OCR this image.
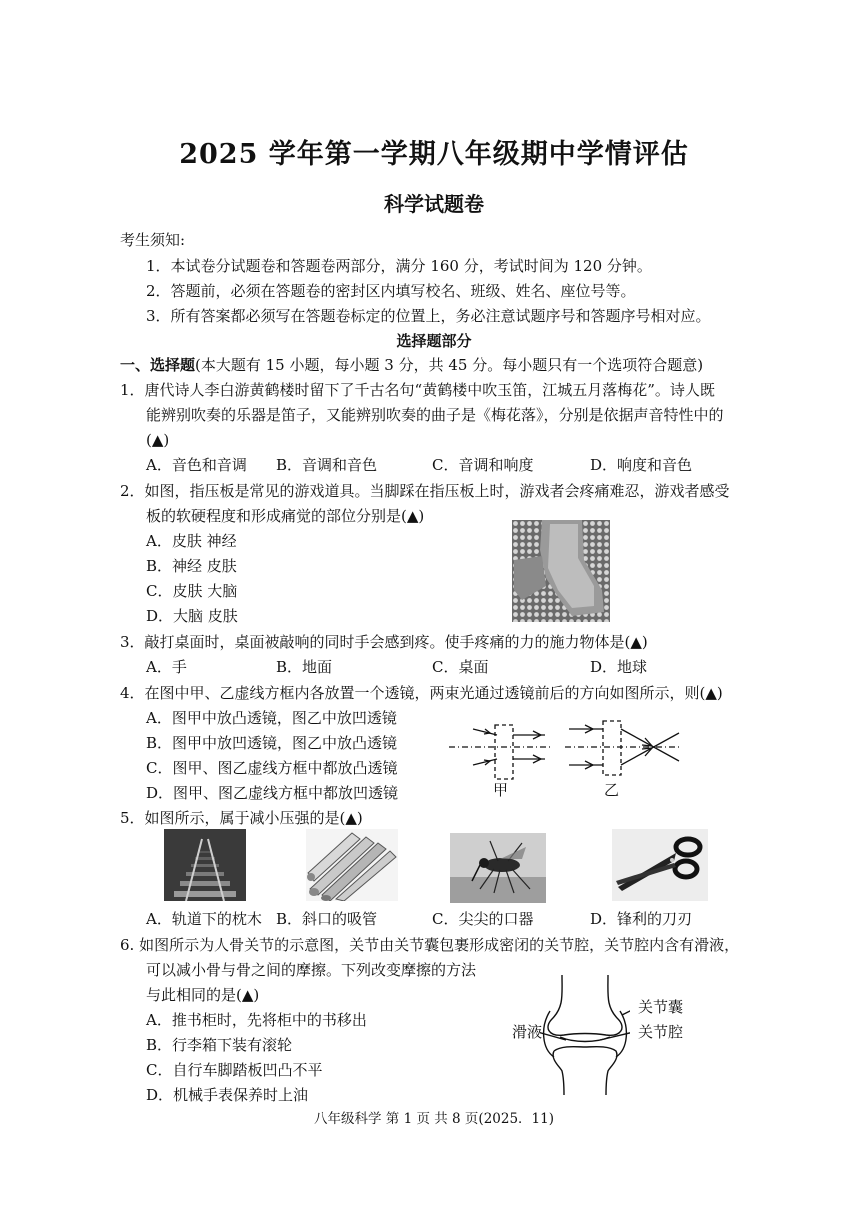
2025 学年第一学期八年级期中学情评估
科学试题卷
考生须知:
1．本试卷分试题卷和答题卷两部分，满分 160 分，考试时间为 120 分钟。
2．答题前，必须在答题卷的密封区内填写校名、班级、姓名、座位号等。
3．所有答案都必须写在答题卷标定的位置上，务必注意试题序号和答题序号相对应。
选择题部分
一、选择题(本大题有 15 小题，每小题 3 分，共 45 分。每小题只有一个选项符合题意)
1．唐代诗人李白游黄鹤楼时留下了千古名句“黄鹤楼中吹玉笛，江城五月落梅花”。诗人既
能辨别吹奏的乐器是笛子，又能辨别吹奏的曲子是《梅花落》，分别是依据声音特性中的
(▲)
A．音色和音调 B．音调和音色	C．音调和响度	D．响度和音色
2．如图，指压板是常见的游戏道具。当脚踩在指压板上时，游戏者会疼痛难忍，游戏者感受
板的软硬程度和形成痛觉的部位分别是(▲)
A．皮肤 神经
B．神经 皮肤
C．皮肤 大脑
D．大脑 皮肤
3．敲打桌面时，桌面被敲响的同时手会感到疼。使手疼痛的力的施力物体是(▲)
A．手	B．地面	C．桌面	D．地球
4．在图中甲、乙虚线方框内各放置一个透镜，两束光通过透镜前后的方向如图所示，则(▲)
A．图甲中放凸透镜，图乙中放凹透镜
B．图甲中放凹透镜，图乙中放凸透镜
C．图甲、图乙虚线方框中都放凸透镜
D．图甲、图乙虚线方框中都放凹透镜	甲	乙
5．如图所示，属于减小压强的是(▲)
A．轨道下的枕木 B．斜口的吸管	C．尖尖的口器	D．锋利的刀刃
6. 如图所示为人骨关节的示意图，关节由关节囊包裹形成密闭的关节腔，关节腔内含有滑液，
可以减小骨与骨之间的摩擦。下列改变摩擦的方法
与此相同的是(▲)
A．推书柜时，先将柜中的书移出
B．行李箱下装有滚轮
C．自行车脚踏板凹凸不平
D．机械手表保养时上油
关节囊
关节腔
滑液
八年级科学 第 1 页 共 8 页(2025．11)
